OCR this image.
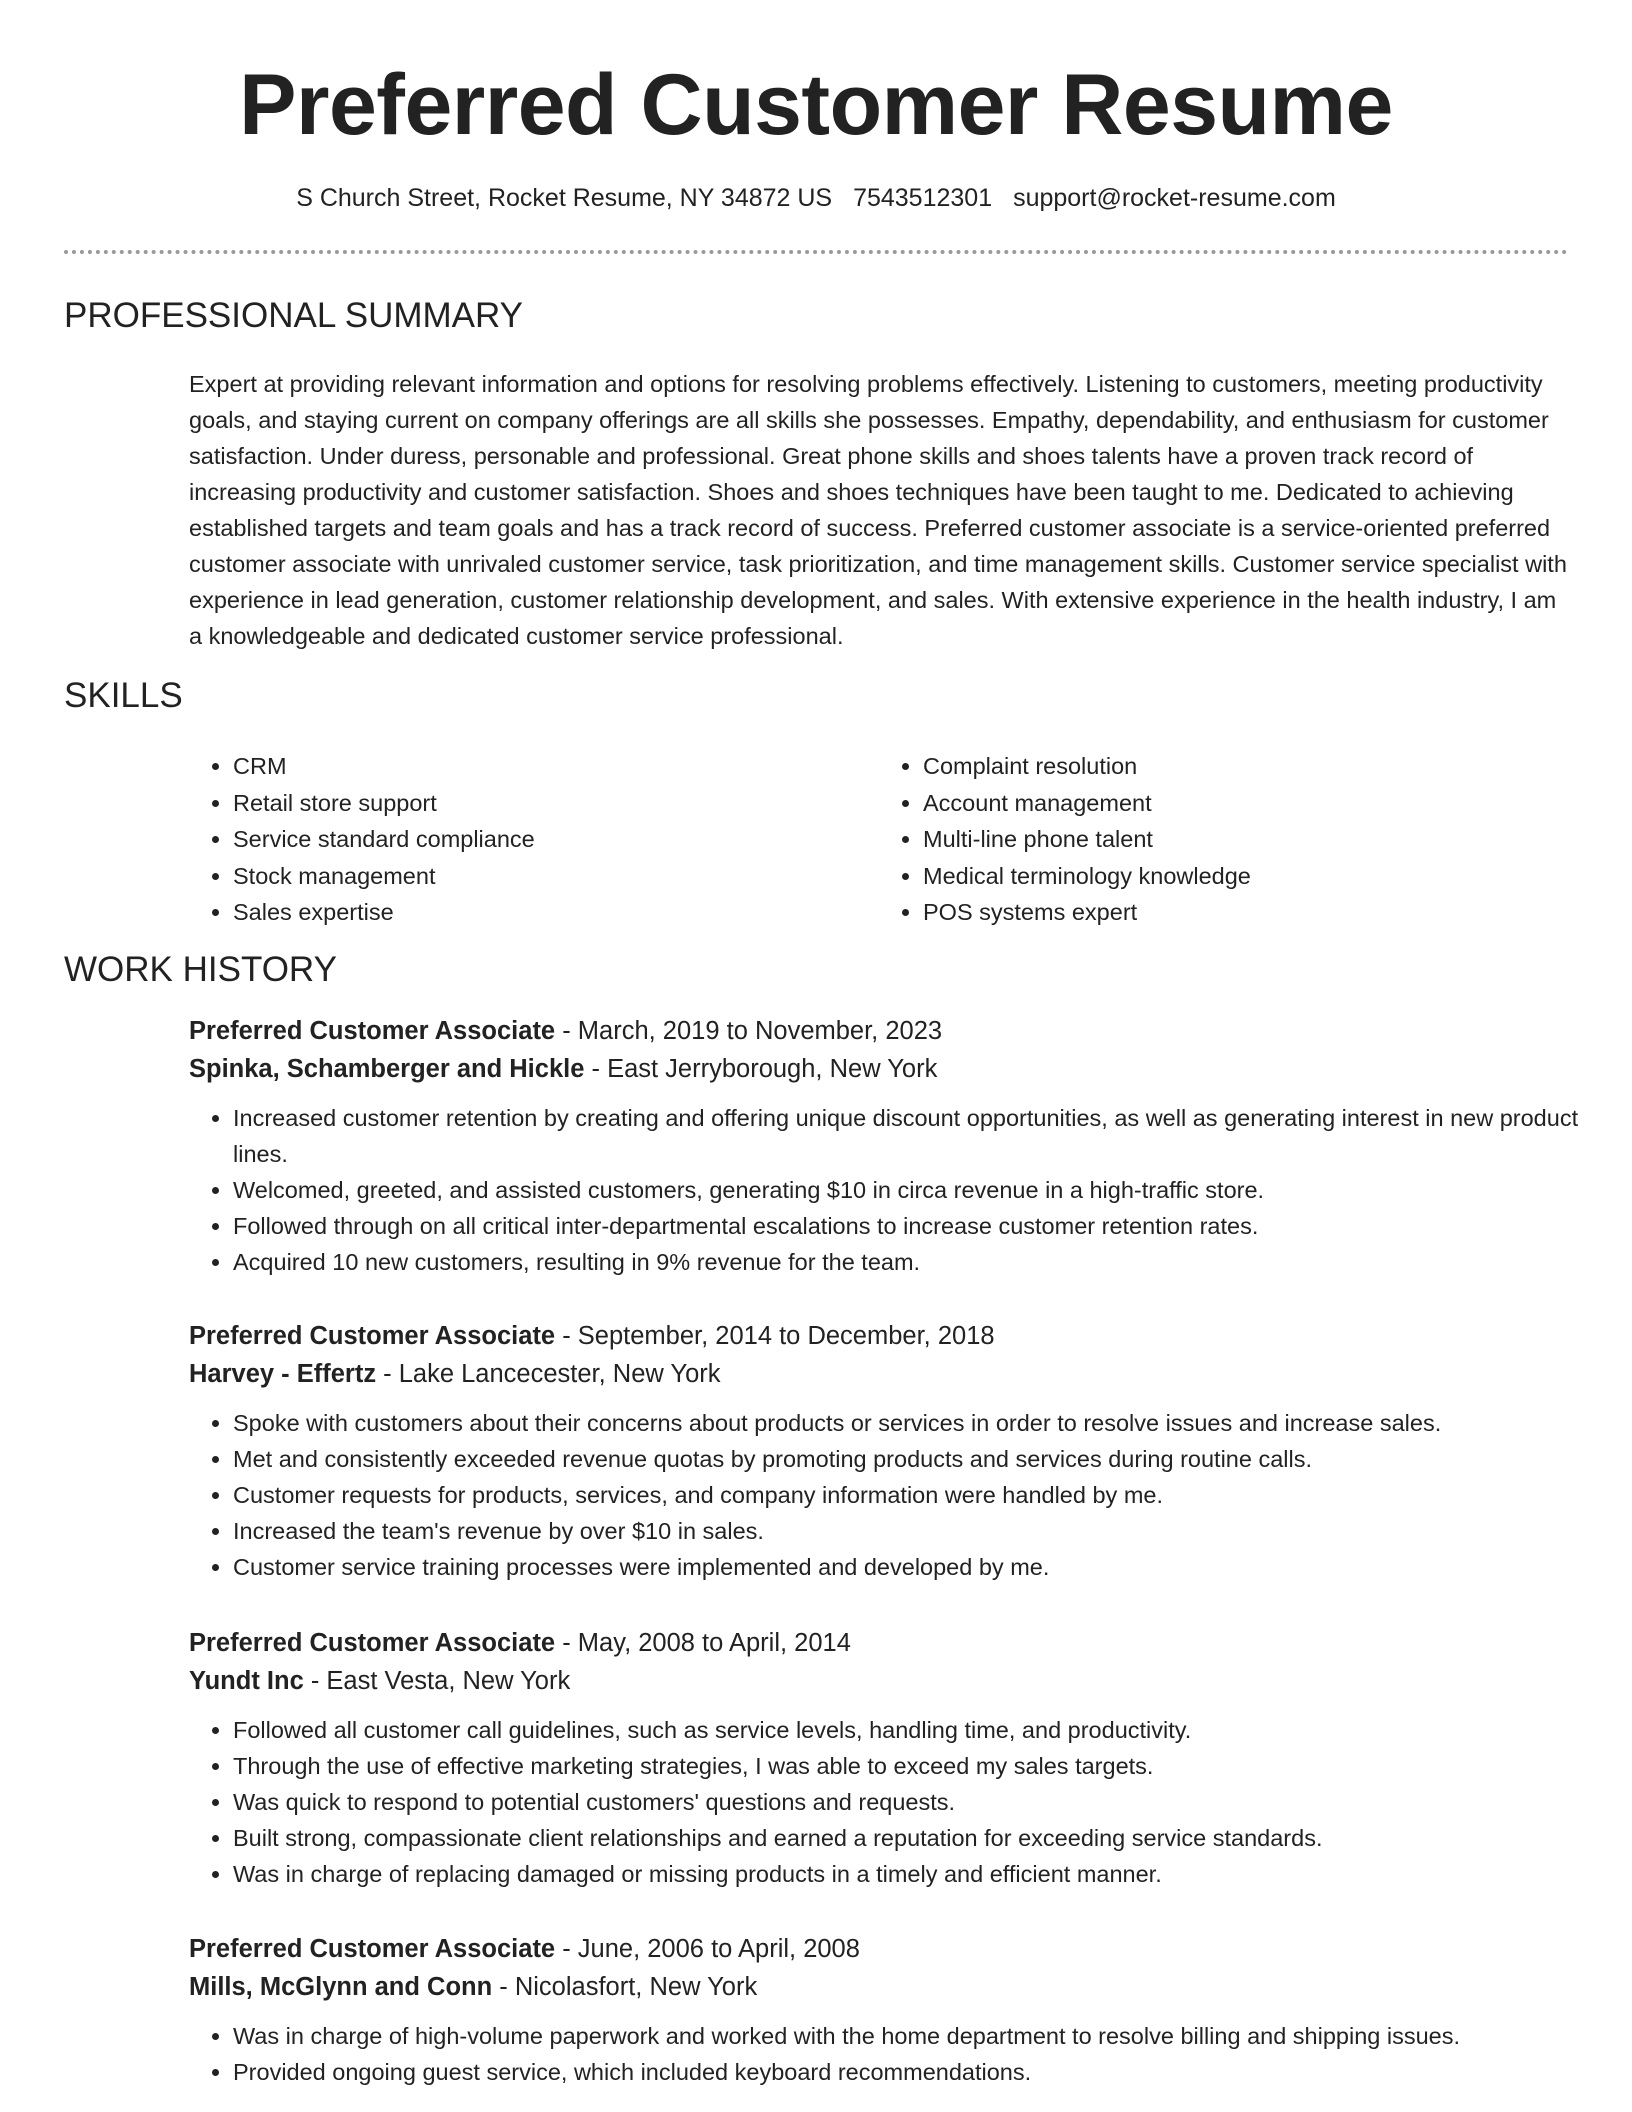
Preferred Customer Resume
S Church Street, Rocket Resume, NY 34872 US 7543512301 support@rocket-resume.com
PROFESSIONAL SUMMARY

Expert at providing relevant information and options for resolving problems effectively. Listening to customers, meeting productivity goals, and staying current on company offerings are all skills she possesses. Empathy, dependability, and enthusiasm for customer satisfaction. Under duress, personable and professional. Great phone skills and shoes talents have a proven track record of increasing productivity and customer satisfaction. Shoes and shoes techniques have been taught to me. Dedicated to achieving established targets and team goals and has a track record of success. Preferred customer associate is a service-oriented preferred customer associate with unrivaled customer service, task prioritization, and time management skills. Customer service specialist with experience in lead generation, customer relationship development, and sales. With extensive experience in the health industry, I am a knowledgeable and dedicated customer service professional.

SKILLS
• CRM
• Retail store support
• Service standard compliance
• Stock management
• Sales expertise
• Complaint resolution
• Account management
• Multi-line phone talent
• Medical terminology knowledge
• POS systems expert
WORK HISTORY

Preferred Customer Associate - March, 2019 to November, 2023

Spinka, Schamberger and Hickle - East Jerryborough, New York

• Increased customer retention by creating and offering unique discount opportunities, as well as generating interest in new product lines.
• Welcomed, greeted, and assisted customers, generating $10 in circa revenue in a high-traffic store.
• Followed through on all critical inter-departmental escalations to increase customer retention rates.
• Acquired 10 new customers, resulting in 9% revenue for the team.

Preferred Customer Associate - September, 2014 to December, 2018

Harvey - Effertz - Lake Lancecester, New York

• Spoke with customers about their concerns about products or services in order to resolve issues and increase sales.
• Met and consistently exceeded revenue quotas by promoting products and services during routine calls.
• Customer requests for products, services, and company information were handled by me.
• Increased the team's revenue by over $10 in sales.
• Customer service training processes were implemented and developed by me.

Preferred Customer Associate - May, 2008 to April, 2014

Yundt Inc - East Vesta, New York

• Followed all customer call guidelines, such as service levels, handling time, and productivity.
• Through the use of effective marketing strategies, I was able to exceed my sales targets.
• Was quick to respond to potential customers' questions and requests.
• Built strong, compassionate client relationships and earned a reputation for exceeding service standards.
• Was in charge of replacing damaged or missing products in a timely and efficient manner.

Preferred Customer Associate - June, 2006 to April, 2008

Mills, McGlynn and Conn - Nicolasfort, New York

• Was in charge of high-volume paperwork and worked with the home department to resolve billing and shipping issues.
• Provided ongoing guest service, which included keyboard recommendations.
